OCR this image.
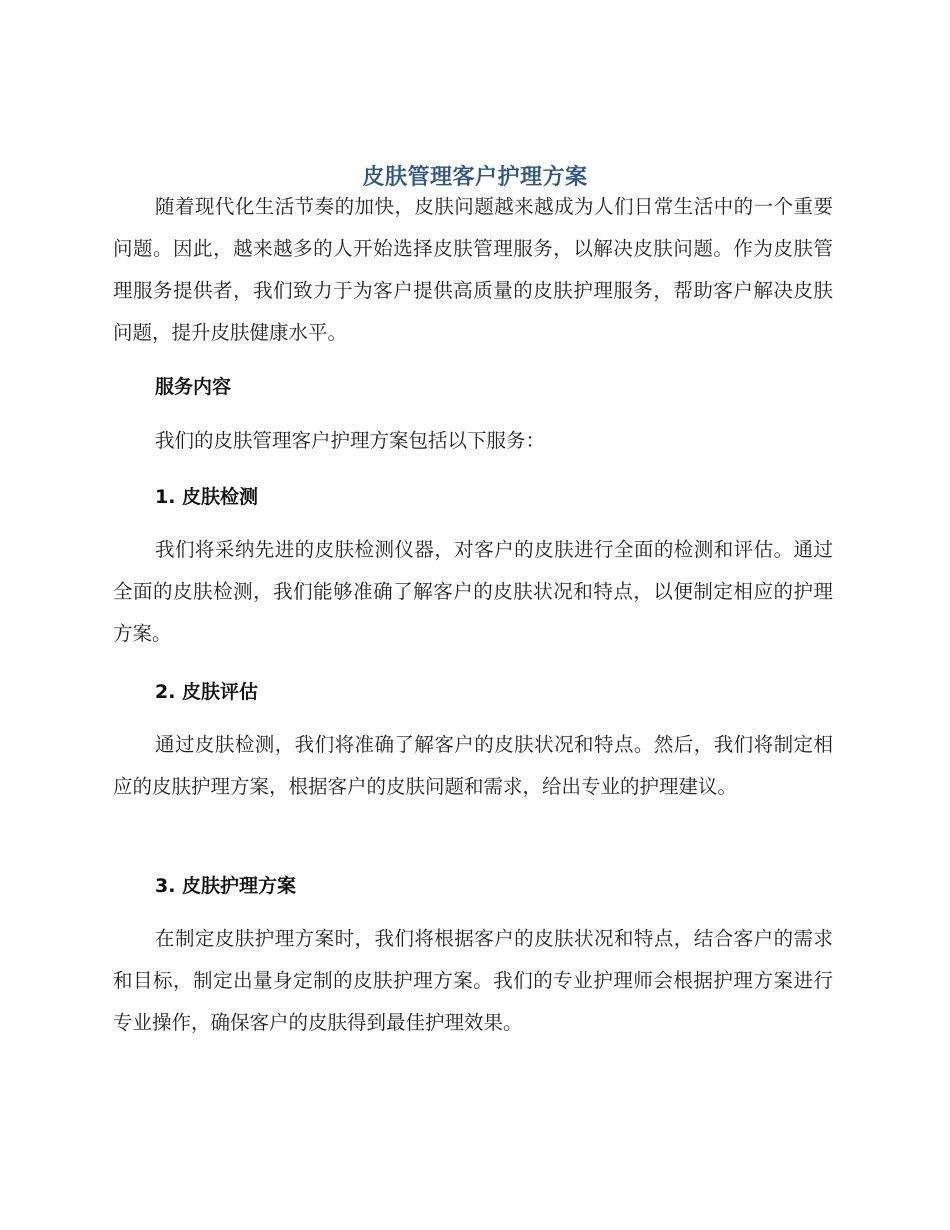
皮肤管理客户护理方案

随着现代化生活节奏的加快，皮肤问题越来越成为人们日常生活中的一个重要问题。因此，越来越多的人开始选择皮肤管理服务，以解决皮肤问题。作为皮肤管理服务提供者，我们致力于为客户提供高质量的皮肤护理服务，帮助客户解决皮肤问题，提升皮肤健康水平。

服务内容

我们的皮肤管理客户护理方案包括以下服务：

1. 皮肤检测

我们将采纳先进的皮肤检测仪器，对客户的皮肤进行全面的检测和评估。通过全面的皮肤检测，我们能够准确了解客户的皮肤状况和特点，以便制定相应的护理方案。

2. 皮肤评估

通过皮肤检测，我们将准确了解客户的皮肤状况和特点。然后，我们将制定相应的皮肤护理方案，根据客户的皮肤问题和需求，给出专业的护理建议。

3. 皮肤护理方案

在制定皮肤护理方案时，我们将根据客户的皮肤状况和特点，结合客户的需求和目标，制定出量身定制的皮肤护理方案。我们的专业护理师会根据护理方案进行专业操作，确保客户的皮肤得到最佳护理效果。
